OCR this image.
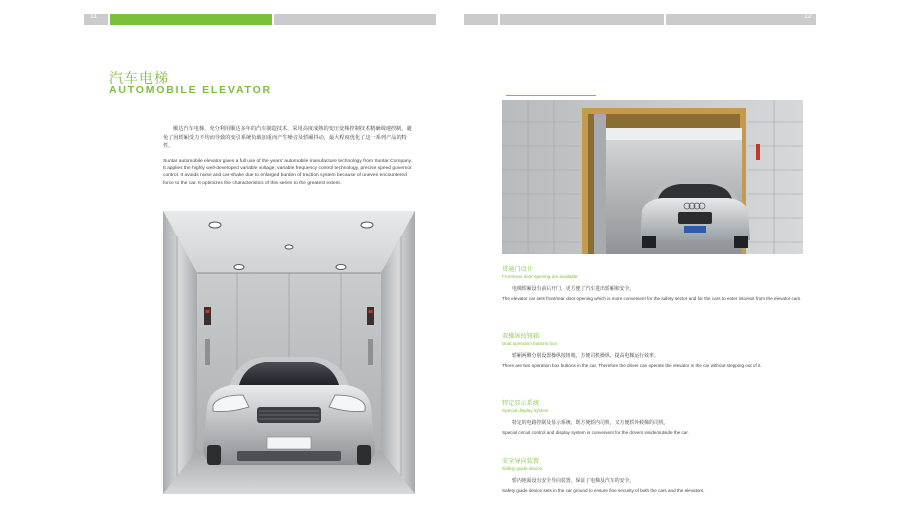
11
汽车电梯
AUTOMOBILE ELEVATOR
顺达汽车电梯，充分利用顺达多年的汽车制造技术，采用高度成熟的变压变频控制技术精确调速控制，避免了因轿厢受力不均而导致的变引系统负载加重而产生噪音及轿厢抖动，最大程度优化了这一系列产品的特性。
Suntar automobile elevator gives a full use of the years' automobile manufacture technology from Suntar Company. It applies the highly well-developed variable voltage, variable frequency control technology, precise speed governor control. It avoids noise and car-shake due to enlarged burden of traction system because of uneven encountered force to the car. It optimizes the characteristics of this series to the greatest extent.
12
贯通门设计
Front/rear door opening are available
电梯轿厢设有前后开门，更方便了汽车进出轿厢和安全。
The elevator car sets front/rear door opening which is more convenient for the safety sector and for the cars to enter into/exit from the elevator cars.
双操纵按钮箱
Dual operation buttons box
轿厢两侧分别设置操纵按钮箱，方便司机操纵，提高电梯运行效率。
There are two operation box buttons in the car. Therefore the driver can operate the elevator in the car without stepping out of it.
特定显示系统
Special display system
特定的电路控制及显示系统，既方便轿内司机，又方便轿外候梯的司机。
Special circuit control and display system is convenient for the drivers inside/outside the car.
安全导向装置
Safety guide device
轿内地面设有安全导向装置，保证了电梯及汽车的安全。
Safety guide device sets in the car ground to ensure fine security of both the cars and the elevators.
